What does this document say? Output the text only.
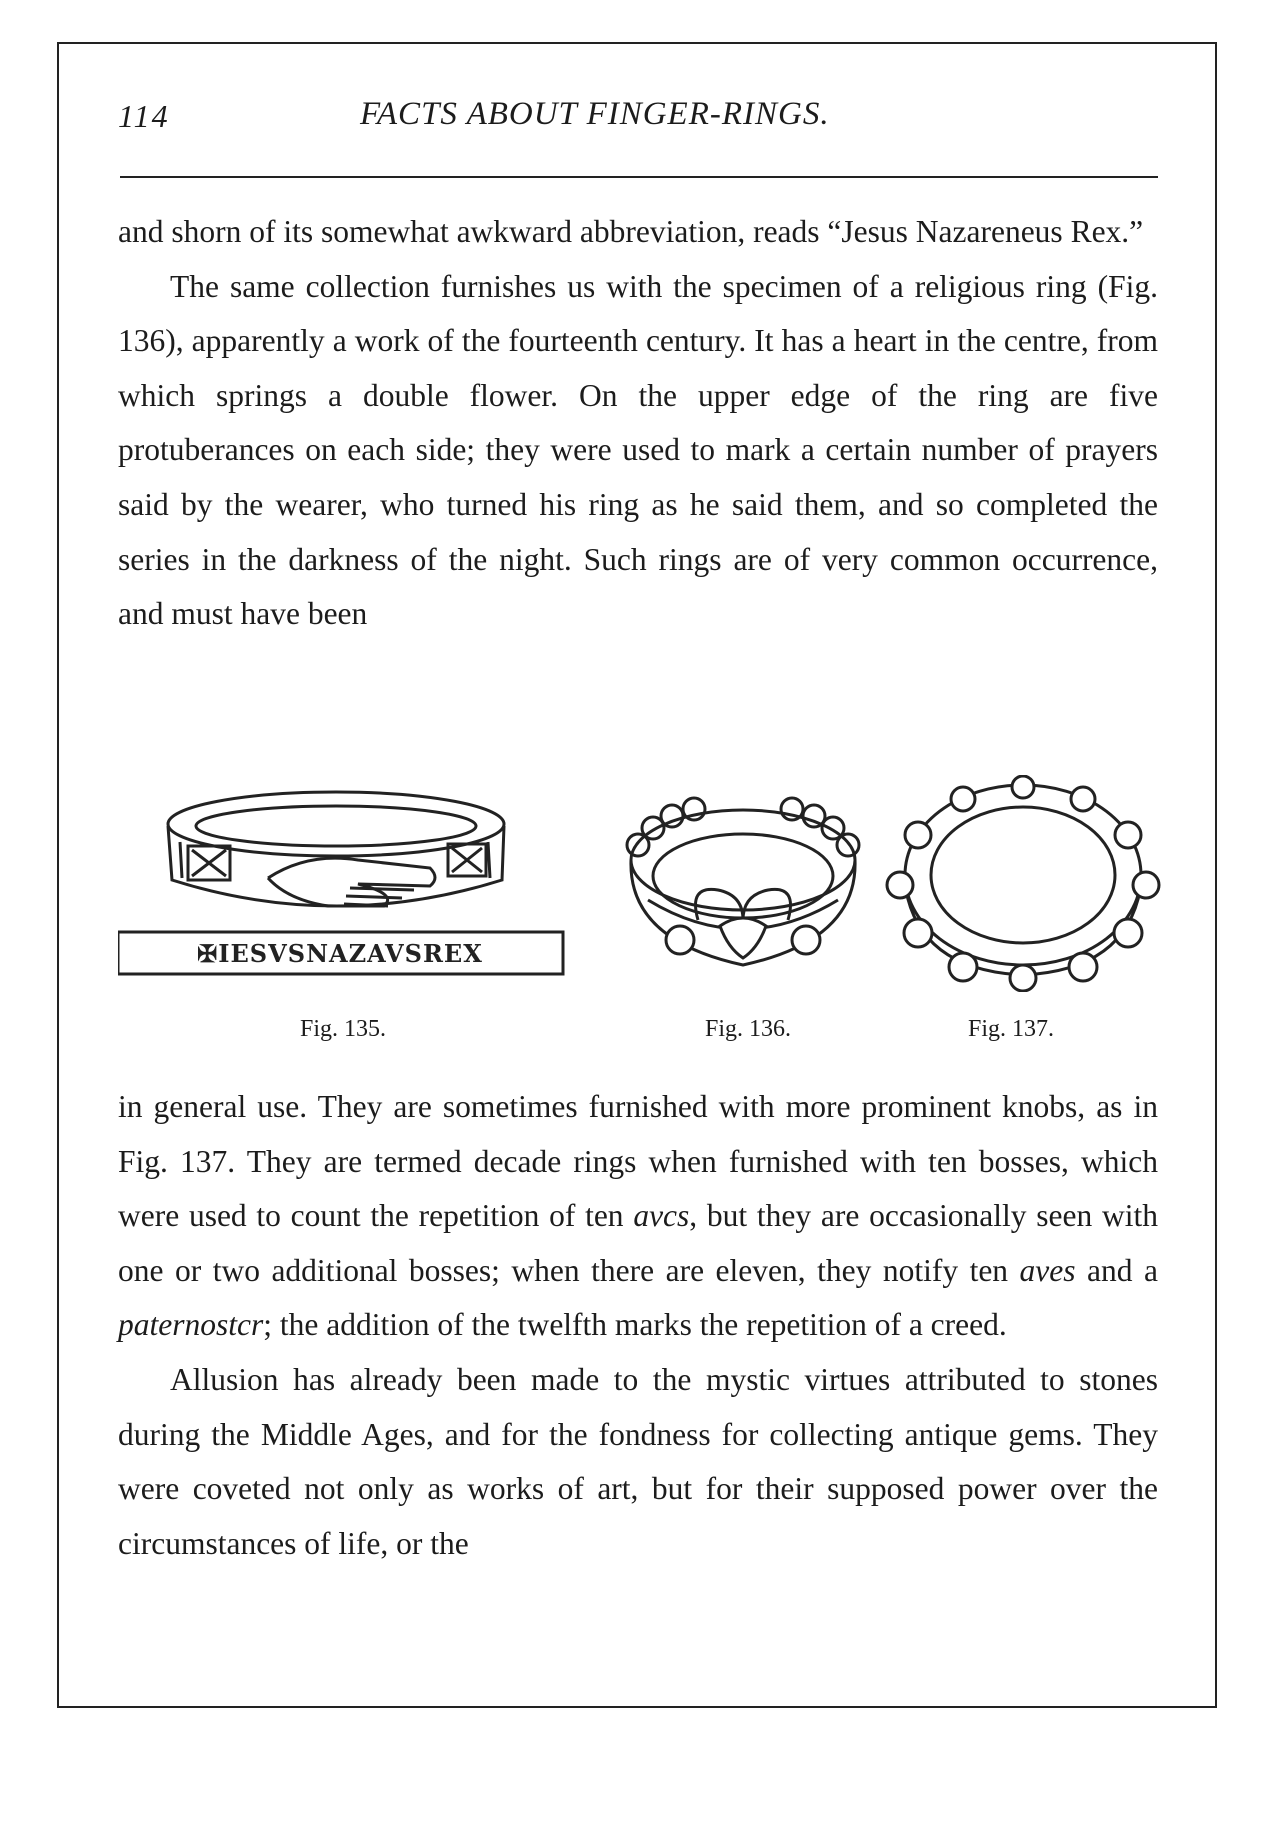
114	FACTS ABOUT FINGER-RINGS.

and shorn of its somewhat awkward abbreviation, reads “Jesus Nazareneus Rex.”

The same collection furnishes us with the specimen of a religious ring (Fig. 136), apparently a work of the fourteenth century. It has a heart in the centre, from which springs a double flower. On the upper edge of the ring are five protuberances on each side; they were used to mark a certain number of prayers said by the wearer, who turned his ring as he said them, and so completed the series in the darkness of the night. Such rings are of very common occurrence, and must have been

✠IESVSNAZAVSREX
Fig. 135.	Fig. 136.	Fig. 137.

in general use. They are sometimes furnished with more prominent knobs, as in Fig. 137. They are termed decade rings when furnished with ten bosses, which were used to count the repetition of ten avcs, but they are occasionally seen with one or two additional bosses; when there are eleven, they notify ten aves and a paternostcr; the addition of the twelfth marks the repetition of a creed.

Allusion has already been made to the mystic virtues attributed to stones during the Middle Ages, and for the fondness for collecting antique gems. They were coveted not only as works of art, but for their supposed power over the circumstances of life, or the
